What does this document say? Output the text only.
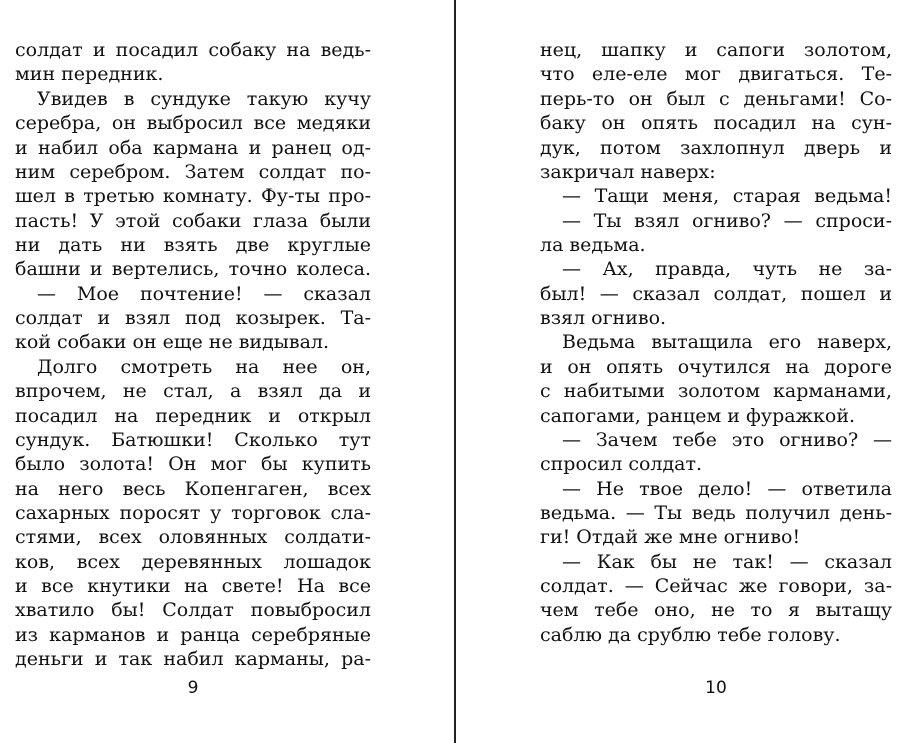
солдат и посадил собаку на ведь-
мин передник.
Увидев в сундуке такую кучу
серебра, он выбросил все медяки
и набил оба кармана и ранец од-
ним серебром. Затем солдат по-
шел в третью комнату. Фу-ты про-
пасть! У этой собаки глаза были
ни дать ни взять две круглые
башни и вертелись, точно колеса.
— Мое почтение! — сказал
солдат и взял под козырек. Та-
кой собаки он еще не видывал.
Долго смотреть на нее он,
впрочем, не стал, а взял да и
посадил на передник и открыл
сундук. Батюшки! Сколько тут
было золота! Он мог бы купить
на него весь Копенгаген, всех
сахарных поросят у торговок сла-
стями, всех оловянных солдати-
ков, всех деревянных лошадок
и все кнутики на свете! На все
хватило бы! Солдат повыбросил
из карманов и ранца серебряные
деньги и так набил карманы, ра-
нец, шапку и сапоги золотом,
что еле-еле мог двигаться. Те-
перь-то он был с деньгами! Со-
баку он опять посадил на сун-
дук, потом захлопнул дверь и
закричал наверх:
— Тащи меня, старая ведьма!
— Ты взял огниво? — спроси-
ла ведьма.
— Ах, правда, чуть не за-
был! — сказал солдат, пошел и
взял огниво.
Ведьма вытащила его наверх,
и он опять очутился на дороге
с набитыми золотом карманами,
сапогами, ранцем и фуражкой.
— Зачем тебе это огниво? —
спросил солдат.
— Не твое дело! — ответила
ведьма. — Ты ведь получил день-
ги! Отдай же мне огниво!
— Как бы не так! — сказал
солдат. — Сейчас же говори, за-
чем тебе оно, не то я вытащу
саблю да срублю тебе голову.
9	10
